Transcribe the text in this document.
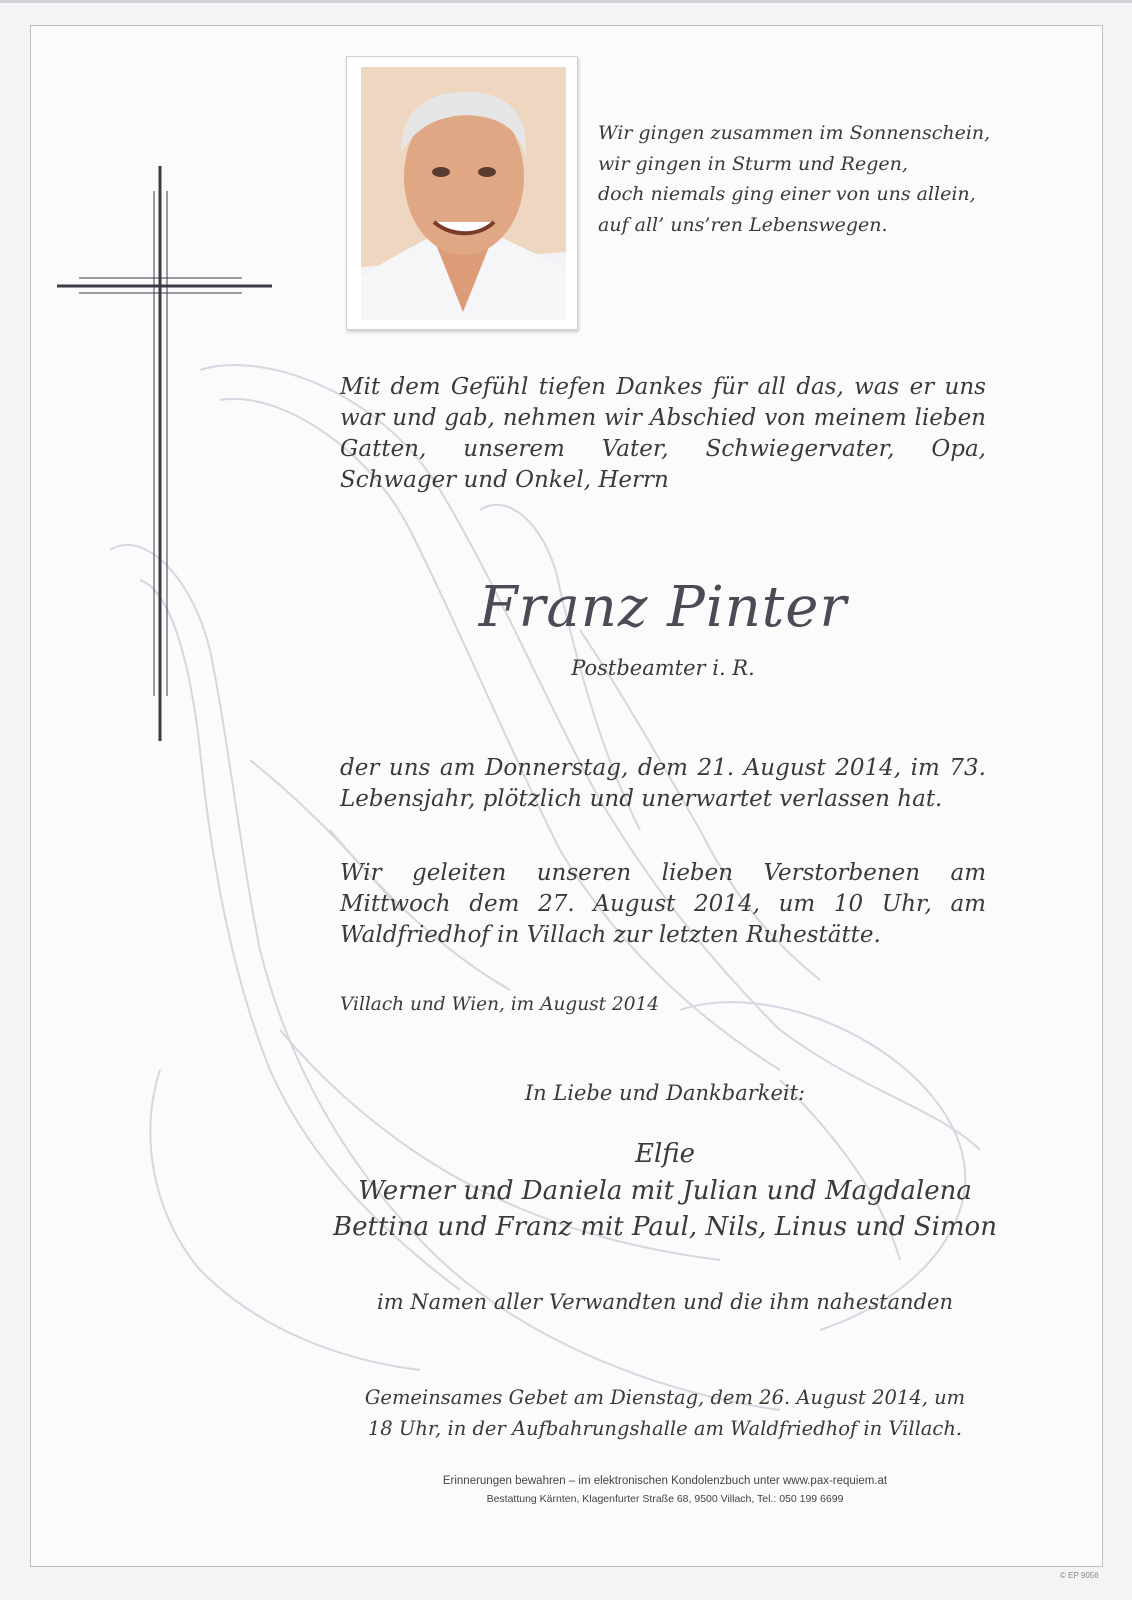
Wir gingen zusammen im Sonnenschein,

wir gingen in Sturm und Regen,

doch niemals ging einer von uns allein,

auf all’ uns’ren Lebenswegen.

Mit dem Gefühl tiefen Dankes für all das, was er uns war und gab, nehmen wir Abschied von meinem lieben Gatten, unserem Vater, Schwiegervater, Opa, Schwager und Onkel, Herrn

Franz Pinter
Postbeamter i. R.

der uns am Donnerstag, dem 21. August 2014, im 73. Lebensjahr, plötzlich und unerwartet verlassen hat.

Wir geleiten unseren lieben Verstorbenen am Mittwoch dem 27. August 2014, um 10 Uhr, am Waldfriedhof in Villach zur letzten Ruhestätte.

Villach und Wien, im August 2014
In Liebe und Dankbarkeit:
Elfie
Werner und Daniela mit Julian und Magdalena
Bettina und Franz mit Paul, Nils, Linus und Simon
im Namen aller Verwandten und die ihm nahestanden
Gemeinsames Gebet am Dienstag, dem 26. August 2014, um
18 Uhr, in der Aufbahrungshalle am Waldfriedhof in Villach.
Erinnerungen bewahren – im elektronischen Kondolenzbuch unter www.pax-requiem.at
Bestattung Kärnten, Klagenfurter Straße 68, 9500 Villach, Tel.: 050 199 6699
© EP 9056
